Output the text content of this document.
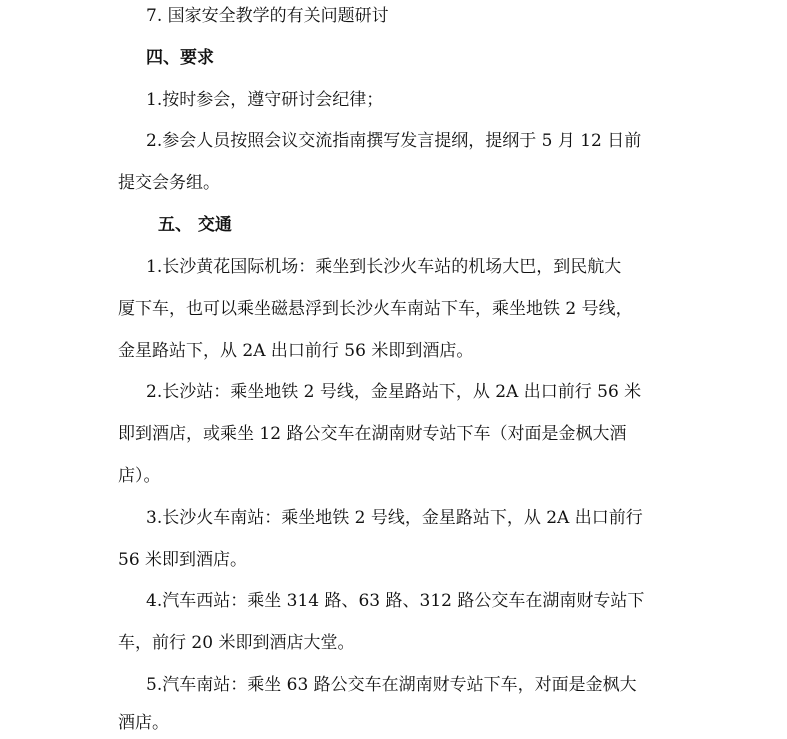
7. 国家安全教学的有关问题研讨

四、要求

1.按时参会，遵守研讨会纪律；

2.参会人员按照会议交流指南撰写发言提纲，提纲于 5 月 12 日前

提交会务组。

五、 交通

1.长沙黄花国际机场：乘坐到长沙火车站的机场大巴，到民航大

厦下车，也可以乘坐磁悬浮到长沙火车南站下车，乘坐地铁 2 号线，

金星路站下，从 2A 出口前行 56 米即到酒店。

2.长沙站：乘坐地铁 2 号线，金星路站下，从 2A 出口前行 56 米

即到酒店，或乘坐 12 路公交车在湖南财专站下车（对面是金枫大酒

店）。

3.长沙火车南站：乘坐地铁 2 号线，金星路站下，从 2A 出口前行

56 米即到酒店。

4.汽车西站：乘坐 314 路、63 路、312 路公交车在湖南财专站下

车，前行 20 米即到酒店大堂。

5.汽车南站：乘坐 63 路公交车在湖南财专站下车，对面是金枫大

酒店。
